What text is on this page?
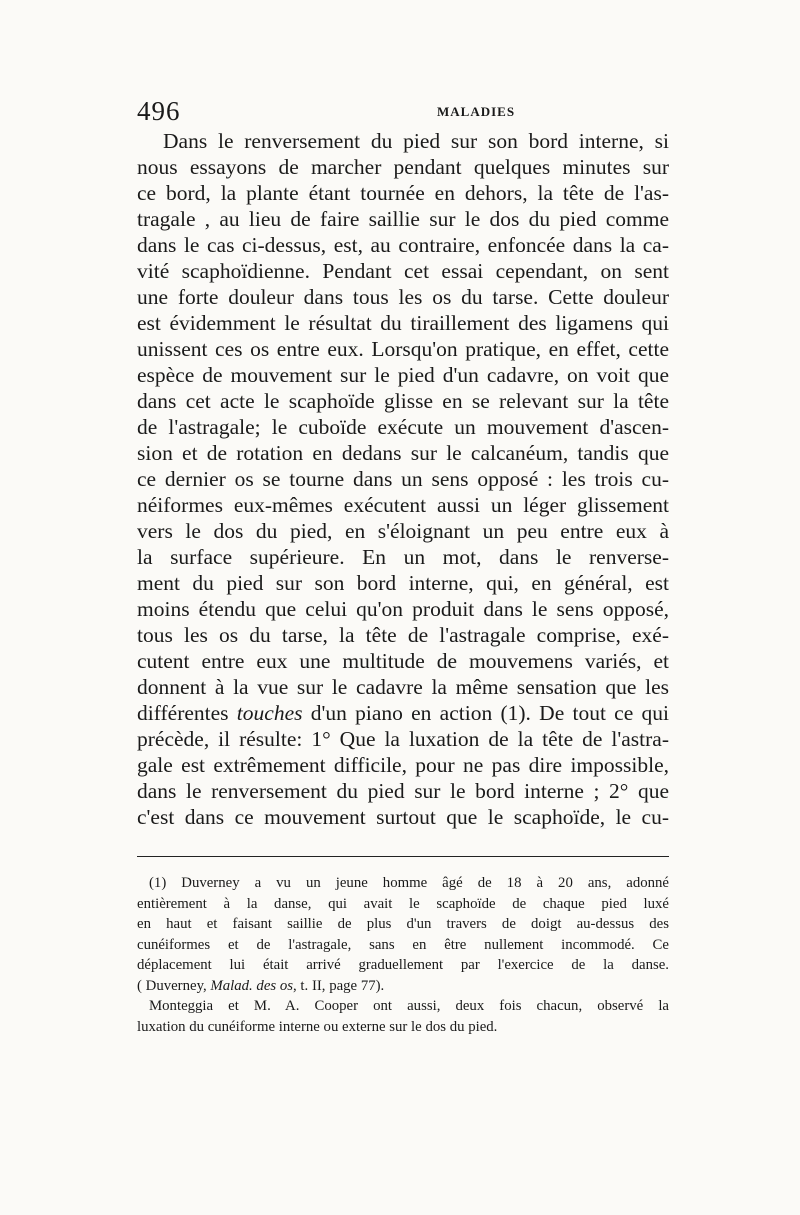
496	MALADIES
Dans le renversement du pied sur son bord interne, si
nous essayons de marcher pendant quelques minutes sur
ce bord, la plante étant tournée en dehors, la tête de l'as-
tragale , au lieu de faire saillie sur le dos du pied comme
dans le cas ci-dessus, est, au contraire, enfoncée dans la ca-
vité scaphoïdienne. Pendant cet essai cependant, on sent
une forte douleur dans tous les os du tarse. Cette douleur
est évidemment le résultat du tiraillement des ligamens qui
unissent ces os entre eux. Lorsqu'on pratique, en effet, cette
espèce de mouvement sur le pied d'un cadavre, on voit que
dans cet acte le scaphoïde glisse en se relevant sur la tête
de l'astragale; le cuboïde exécute un mouvement d'ascen-
sion et de rotation en dedans sur le calcanéum, tandis que
ce dernier os se tourne dans un sens opposé : les trois cu-
néiformes eux-mêmes exécutent aussi un léger glissement
vers le dos du pied, en s'éloignant un peu entre eux à
la surface supérieure. En un mot, dans le renverse-
ment du pied sur son bord interne, qui, en général, est
moins étendu que celui qu'on produit dans le sens opposé,
tous les os du tarse, la tête de l'astragale comprise, exé-
cutent entre eux une multitude de mouvemens variés, et
donnent à la vue sur le cadavre la même sensation que les
différentes touches d'un piano en action (1). De tout ce qui
précède, il résulte: 1° Que la luxation de la tête de l'astra-
gale est extrêmement difficile, pour ne pas dire impossible,
dans le renversement du pied sur le bord interne ; 2° que
c'est dans ce mouvement surtout que le scaphoïde, le cu-
(1) Duverney a vu un jeune homme âgé de 18 à 20 ans, adonné
entièrement à la danse, qui avait le scaphoïde de chaque pied luxé
en haut et faisant saillie de plus d'un travers de doigt au-dessus des
cunéiformes et de l'astragale, sans en être nullement incommodé. Ce
déplacement lui était arrivé graduellement par l'exercice de la danse.
( Duverney, Malad. des os, t. II, page 77).
Monteggia et M. A. Cooper ont aussi, deux fois chacun, observé la
luxation du cunéiforme interne ou externe sur le dos du pied.
